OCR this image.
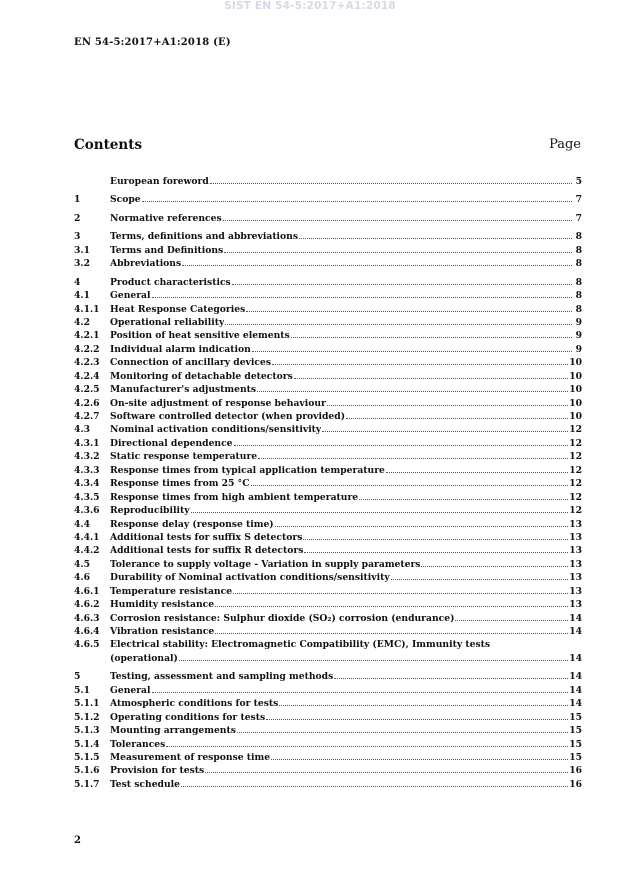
SIST EN 54-5:2017+A1:2018
EN 54-5:2017+A1:2018 (E)
Contents	Page
European foreword	5
1	Scope	7
2	Normative references	7
3	Terms, definitions and abbreviations	8
3.1	Terms and Definitions	8
3.2	Abbreviations	8
4	Product characteristics	8
4.1	General	8
4.1.1	Heat Response Categories	8
4.2	Operational reliability	9
4.2.1	Position of heat sensitive elements	9
4.2.2	Individual alarm indication	9
4.2.3	Connection of ancillary devices	10
4.2.4	Monitoring of detachable detectors	10
4.2.5	Manufacturer's adjustments	10
4.2.6	On-site adjustment of response behaviour	10
4.2.7	Software controlled detector (when provided)	10
4.3	Nominal activation conditions/sensitivity	12
4.3.1	Directional dependence	12
4.3.2	Static response temperature	12
4.3.3	Response times from typical application temperature	12
4.3.4	Response times from 25 °C	12
4.3.5	Response times from high ambient temperature	12
4.3.6	Reproducibility	12
4.4	Response delay (response time)	13
4.4.1	Additional tests for suffix S detectors	13
4.4.2	Additional tests for suffix R detectors	13
4.5	Tolerance to supply voltage - Variation in supply parameters	13
4.6	Durability of Nominal activation conditions/sensitivity	13
4.6.1	Temperature resistance	13
4.6.2	Humidity resistance	13
4.6.3	Corrosion resistance: Sulphur dioxide (SO₂) corrosion (endurance)	14
4.6.4	Vibration resistance	14
4.6.5	Electrical stability: Electromagnetic Compatibility (EMC), Immunity tests
(operational)	14
5	Testing, assessment and sampling methods	14
5.1	General	14
5.1.1	Atmospheric conditions for tests	14
5.1.2	Operating conditions for tests	15
5.1.3	Mounting arrangements	15
5.1.4	Tolerances	15
5.1.5	Measurement of response time	15
5.1.6	Provision for tests	16
5.1.7	Test schedule	16
2
